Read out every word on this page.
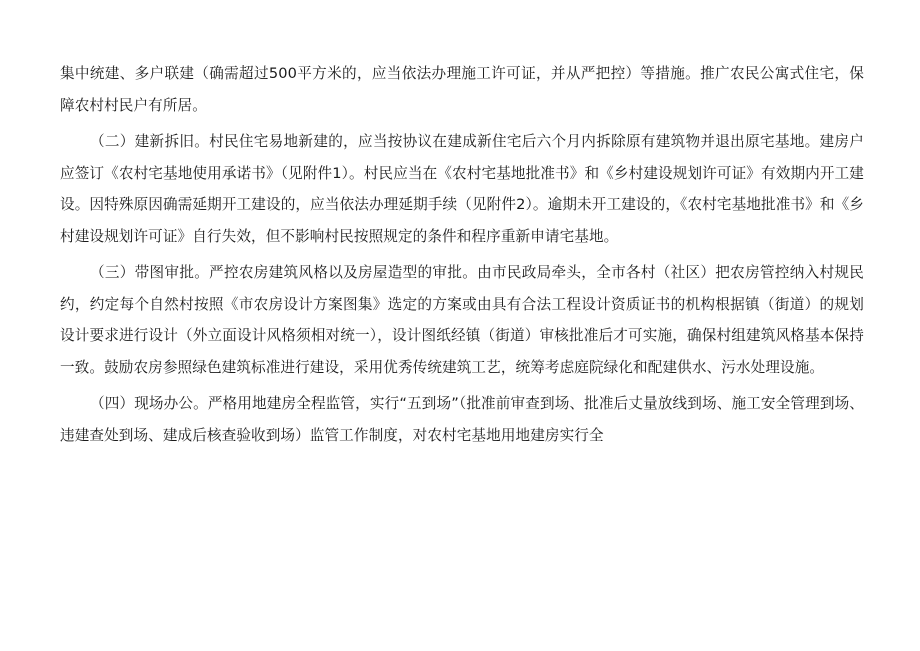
集中统建、多户联建（确需超过500平方米的，应当依法办理施工许可证，并从严把控）等措施。推广农民公寓式住宅，保障农村村民户有所居。

（二）建新拆旧。村民住宅易地新建的，应当按协议在建成新住宅后六个月内拆除原有建筑物并退出原宅基地。建房户应签订《农村宅基地使用承诺书》（见附件1）。村民应当在《农村宅基地批准书》和《乡村建设规划许可证》有效期内开工建设。因特殊原因确需延期开工建设的，应当依法办理延期手续（见附件2）。逾期未开工建设的，《农村宅基地批准书》和《乡村建设规划许可证》自行失效，但不影响村民按照规定的条件和程序重新申请宅基地。

（三）带图审批。严控农房建筑风格以及房屋造型的审批。由市民政局牵头，全市各村（社区）把农房管控纳入村规民约，约定每个自然村按照《市农房设计方案图集》选定的方案或由具有合法工程设计资质证书的机构根据镇（街道）的规划设计要求进行设计（外立面设计风格须相对统一），设计图纸经镇（街道）审核批准后才可实施，确保村组建筑风格基本保持一致。鼓励农房参照绿色建筑标准进行建设，采用优秀传统建筑工艺，统筹考虑庭院绿化和配建供水、污水处理设施。

（四）现场办公。严格用地建房全程监管，实行“五到场”（批准前审查到场、批准后丈量放线到场、施工安全管理到场、违建查处到场、建成后核查验收到场）监管工作制度，对农村宅基地用地建房实行全
